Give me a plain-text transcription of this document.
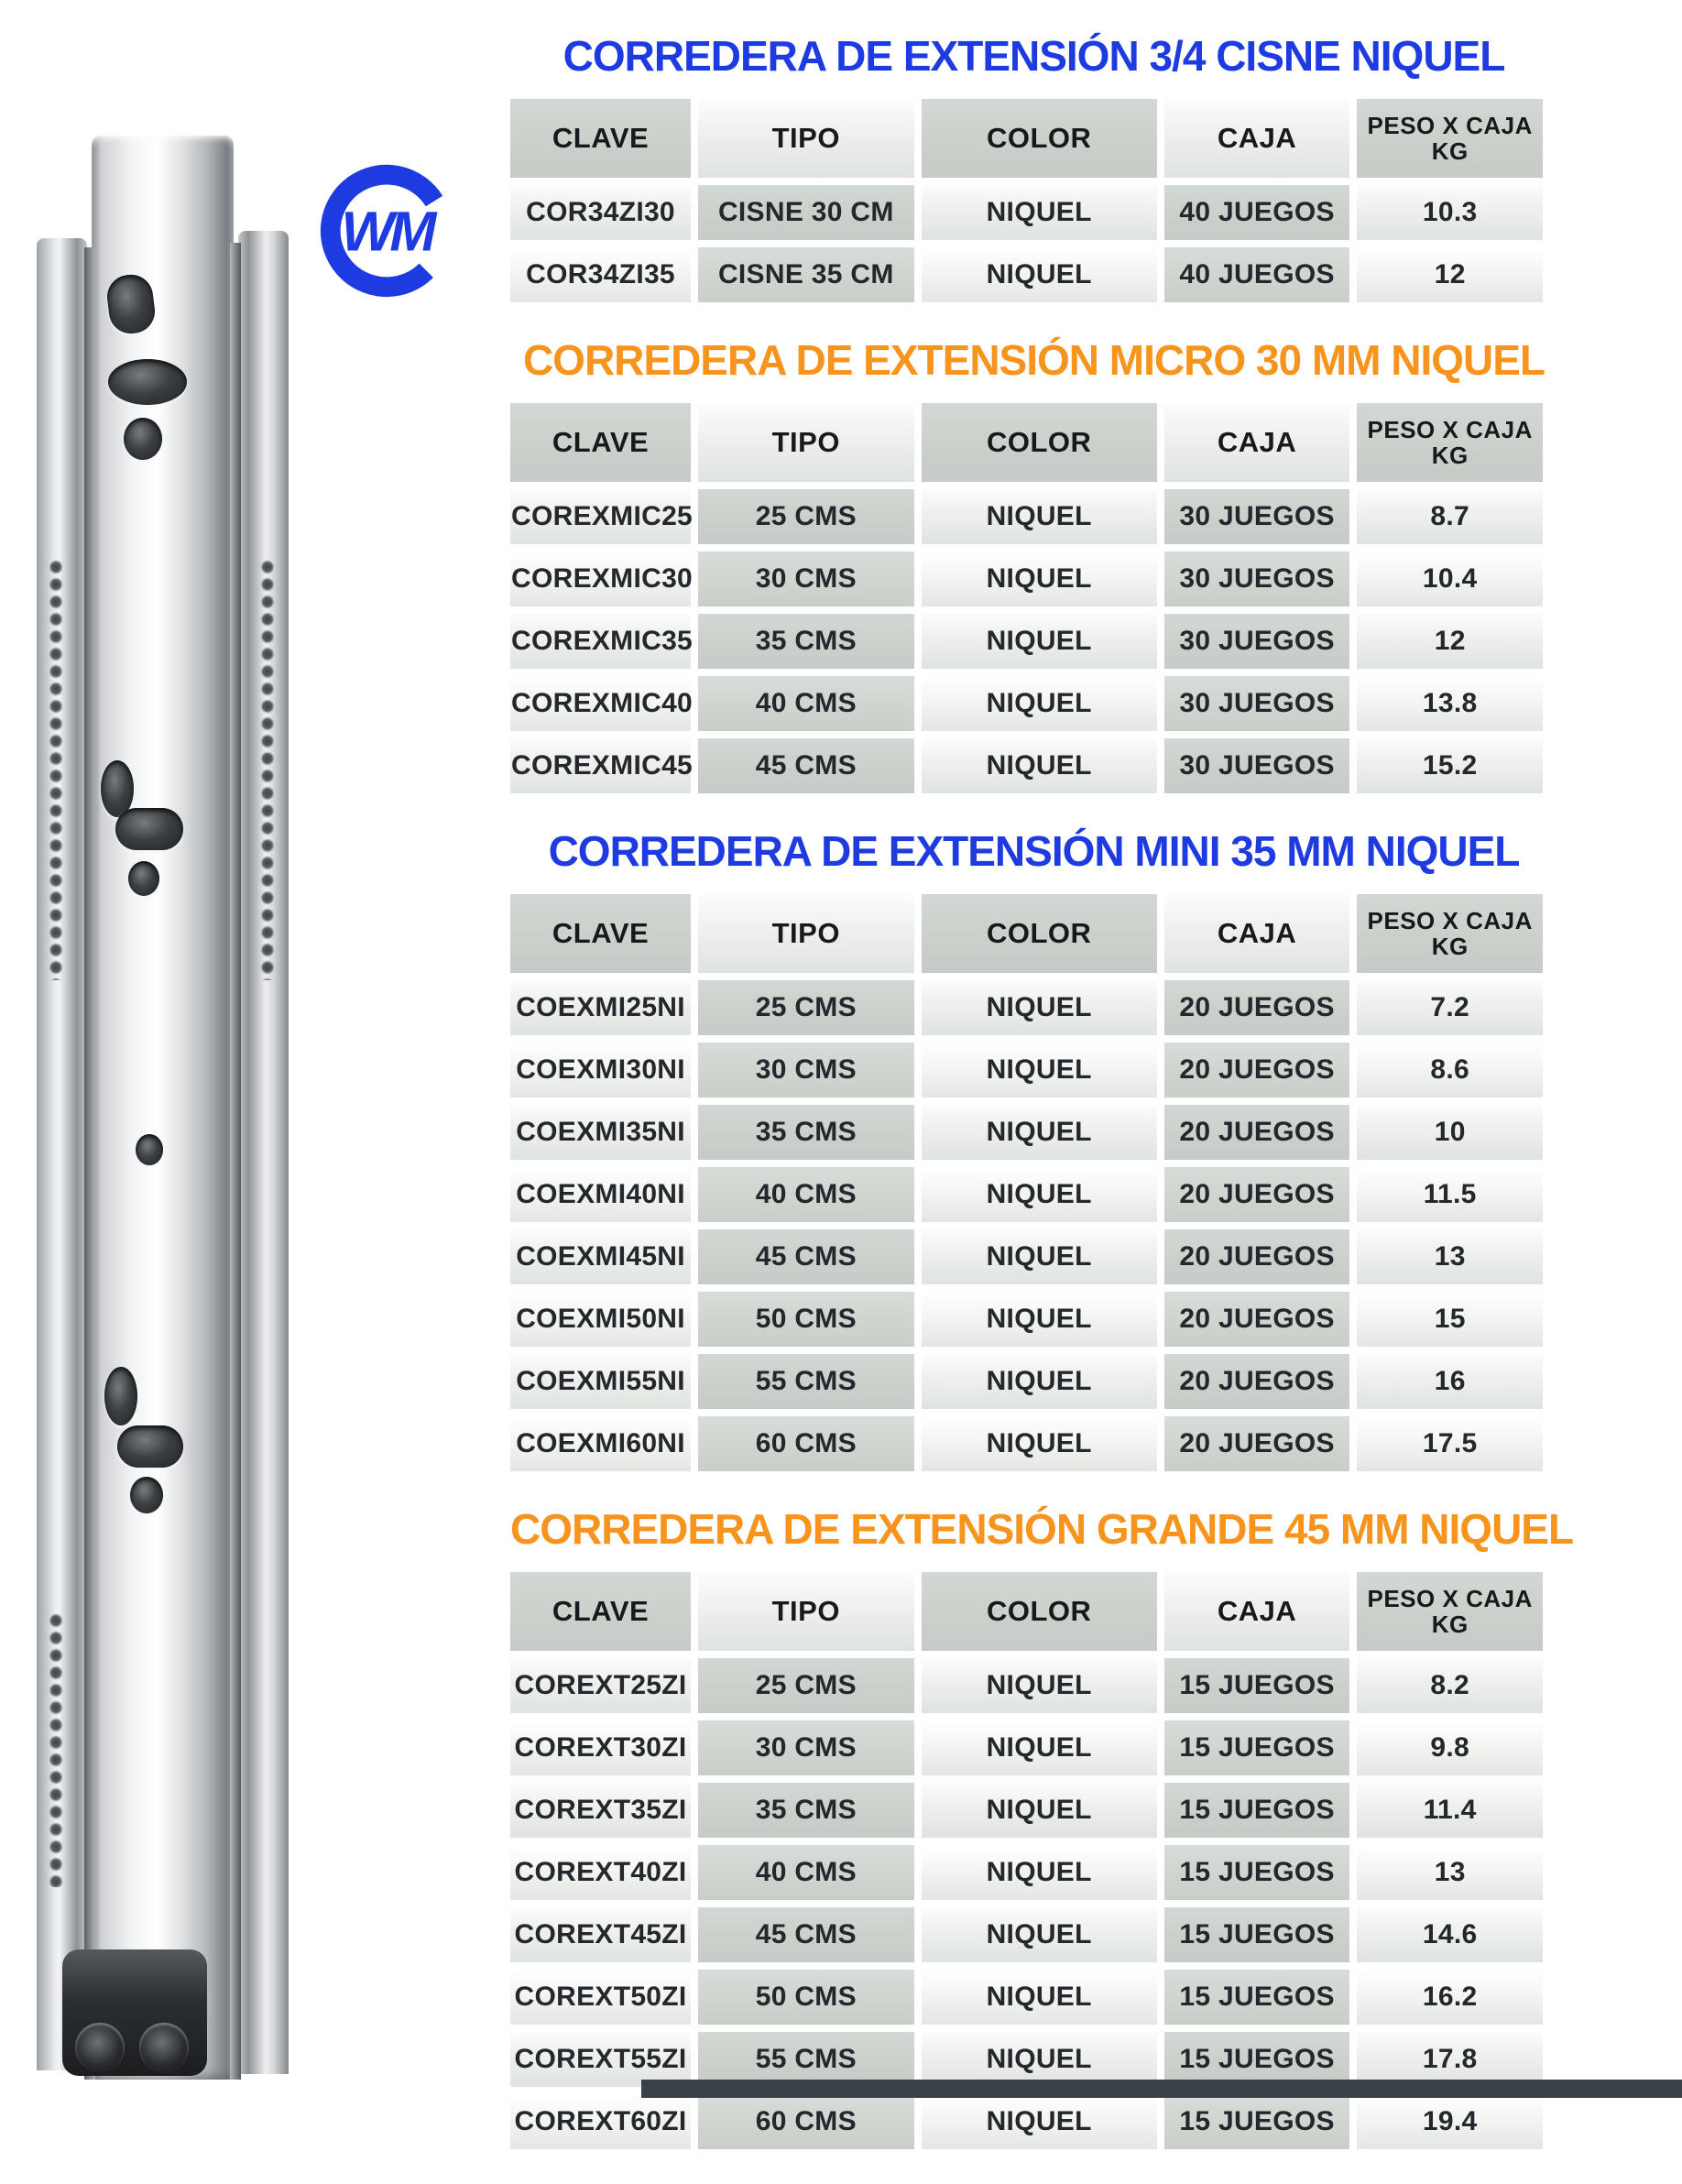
WM
CORREDERA DE EXTENSIÓN 3/4 CISNE NIQUEL
CLAVE	TIPO	COLOR	CAJA	PESO X CAJA
KG

COR34ZI30	CISNE 30 CM	NIQUEL	40 JUEGOS	10.3
COR34ZI35	CISNE 35 CM	NIQUEL	40 JUEGOS	12
CORREDERA DE EXTENSIÓN MICRO 30 MM NIQUEL
CLAVE	TIPO	COLOR	CAJA	PESO X CAJA
KG

COREXMIC25	25 CMS	NIQUEL	30 JUEGOS	8.7
COREXMIC30	30 CMS	NIQUEL	30 JUEGOS	10.4
COREXMIC35	35 CMS	NIQUEL	30 JUEGOS	12
COREXMIC40	40 CMS	NIQUEL	30 JUEGOS	13.8
COREXMIC45	45 CMS	NIQUEL	30 JUEGOS	15.2
CORREDERA DE EXTENSIÓN MINI 35 MM NIQUEL
CLAVE	TIPO	COLOR	CAJA	PESO X CAJA
KG

COEXMI25NI	25 CMS	NIQUEL	20 JUEGOS	7.2
COEXMI30NI	30 CMS	NIQUEL	20 JUEGOS	8.6
COEXMI35NI	35 CMS	NIQUEL	20 JUEGOS	10
COEXMI40NI	40 CMS	NIQUEL	20 JUEGOS	11.5
COEXMI45NI	45 CMS	NIQUEL	20 JUEGOS	13
COEXMI50NI	50 CMS	NIQUEL	20 JUEGOS	15
COEXMI55NI	55 CMS	NIQUEL	20 JUEGOS	16
COEXMI60NI	60 CMS	NIQUEL	20 JUEGOS	17.5
CORREDERA DE EXTENSIÓN GRANDE 45 MM NIQUEL
CLAVE	TIPO	COLOR	CAJA	PESO X CAJA
KG

COREXT25ZI	25 CMS	NIQUEL	15 JUEGOS	8.2
COREXT30ZI	30 CMS	NIQUEL	15 JUEGOS	9.8
COREXT35ZI	35 CMS	NIQUEL	15 JUEGOS	11.4
COREXT40ZI	40 CMS	NIQUEL	15 JUEGOS	13
COREXT45ZI	45 CMS	NIQUEL	15 JUEGOS	14.6
COREXT50ZI	50 CMS	NIQUEL	15 JUEGOS	16.2
COREXT55ZI	55 CMS	NIQUEL	15 JUEGOS	17.8
COREXT60ZI	60 CMS	NIQUEL	15 JUEGOS	19.4
